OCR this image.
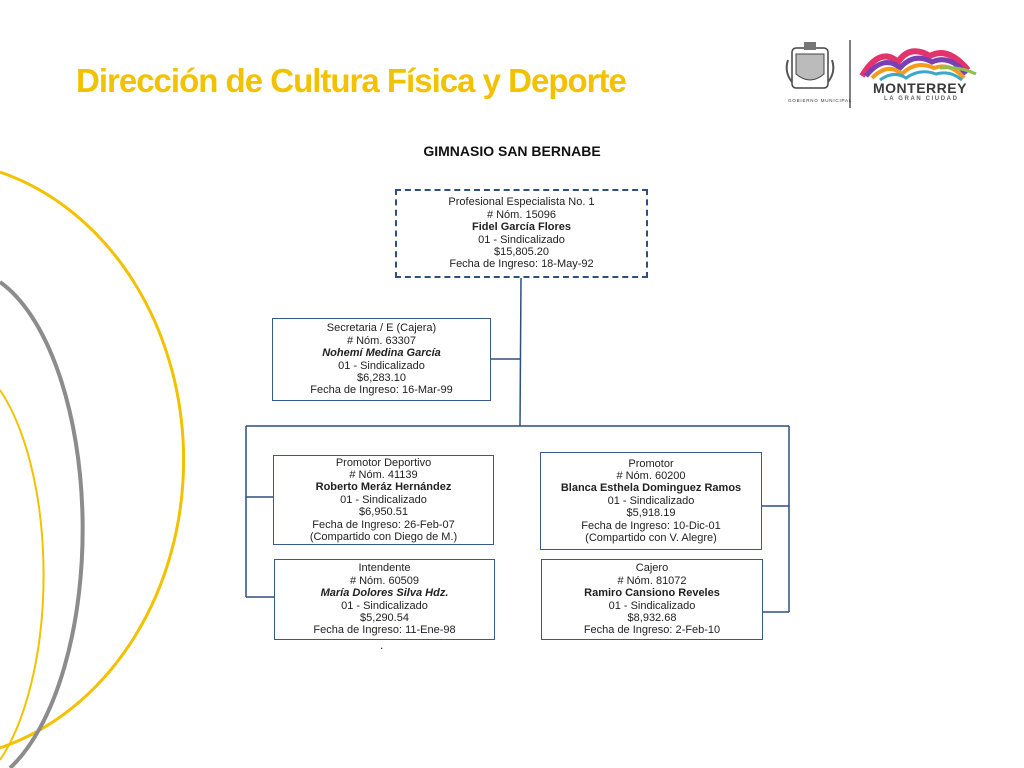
Dirección de Cultura Física y Deporte
GOBIERNO MUNICIPAL
MONTERREY
LA GRAN CIUDAD
GIMNASIO SAN BERNABE
Profesional Especialista No. 1
# Nóm. 15096
Fidel García Flores
01 - Sindicalizado
$15,805.20
Fecha de Ingreso: 18-May-92
Secretaria / E (Cajera)
# Nóm. 63307
Nohemí Medina García
01 - Sindicalizado
$6,283.10
Fecha de Ingreso: 16-Mar-99
Promotor Deportivo
# Nóm. 41139
Roberto Meráz Hernández
01 - Sindicalizado
$6,950.51
Fecha de Ingreso: 26-Feb-07
(Compartido con Diego de M.)
Promotor
# Nóm. 60200
Blanca Esthela Dominguez Ramos
01 - Sindicalizado
$5,918.19
Fecha de Ingreso: 10-Dic-01
(Compartido con V. Alegre)
Intendente
# Nóm. 60509
María Dolores Silva Hdz.
01 - Sindicalizado
$5,290.54
Fecha de Ingreso: 11-Ene-98
.
Cajero
# Nóm. 81072
Ramiro Cansiono Reveles
01 - Sindicalizado
$8,932.68
Fecha de Ingreso: 2-Feb-10
